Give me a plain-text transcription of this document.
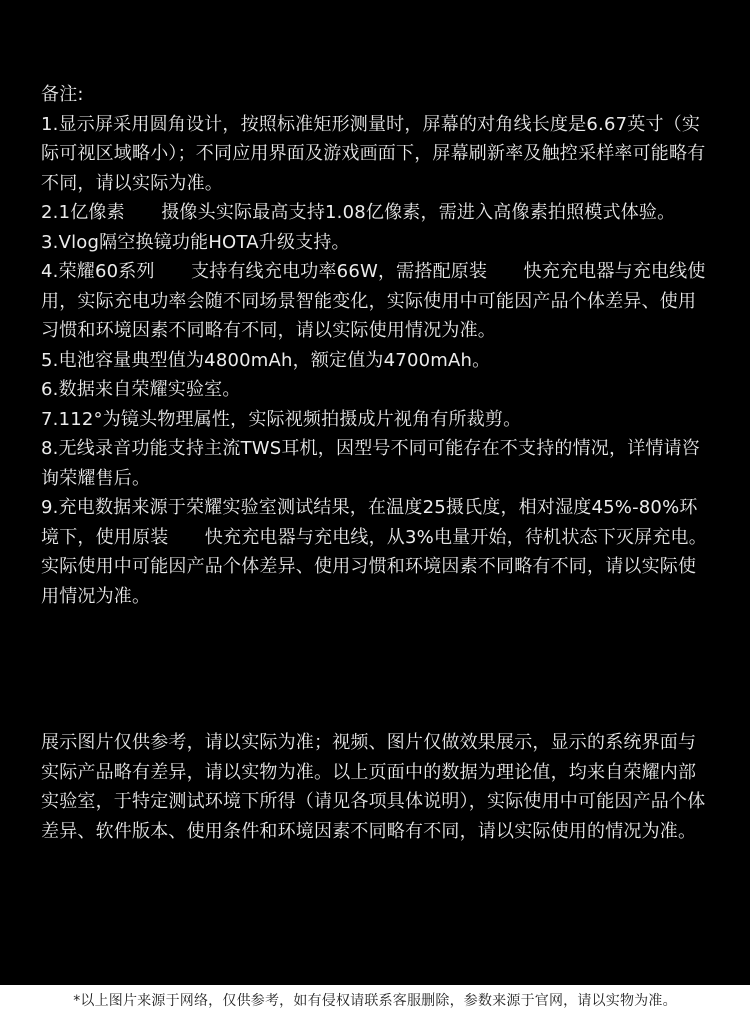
备注:
1.显示屏采用圆角设计，按照标准矩形测量时，屏幕的对角线长度是6.67英寸（实际可视区域略小）；不同应用界面及游戏画面下，屏幕刷新率及触控采样率可能略有不同，请以实际为准。
2.1亿像素　　摄像头实际最高支持1.08亿像素，需进入高像素拍照模式体验。
3.Vlog隔空换镜功能HOTA升级支持。
4.荣耀60系列　　支持有线充电功率66W，需搭配原装　　快充充电器与充电线使用，实际充电功率会随不同场景智能变化，实际使用中可能因产品个体差异、使用习惯和环境因素不同略有不同，请以实际使用情况为准。
5.电池容量典型值为4800mAh，额定值为4700mAh。
6.数据来自荣耀实验室。
7.112°为镜头物理属性，实际视频拍摄成片视角有所裁剪。
8.无线录音功能支持主流TWS耳机，因型号不同可能存在不支持的情况，详情请咨询荣耀售后。
9.充电数据来源于荣耀实验室测试结果，在温度25摄氏度，相对湿度45%-80%环境下，使用原装　　快充充电器与充电线，从3%电量开始，待机状态下灭屏充电。实际使用中可能因产品个体差异、使用习惯和环境因素不同略有不同，请以实际使用情况为准。
展示图片仅供参考，请以实际为准；视频、图片仅做效果展示，显示的系统界面与实际产品略有差异，请以实物为准。以上页面中的数据为理论值，均来自荣耀内部实验室，于特定测试环境下所得（请见各项具体说明），实际使用中可能因产品个体差异、软件版本、使用条件和环境因素不同略有不同，请以实际使用的情况为准。
*以上图片来源于网络，仅供参考，如有侵权请联系客服删除，参数来源于官网，请以实物为准。
